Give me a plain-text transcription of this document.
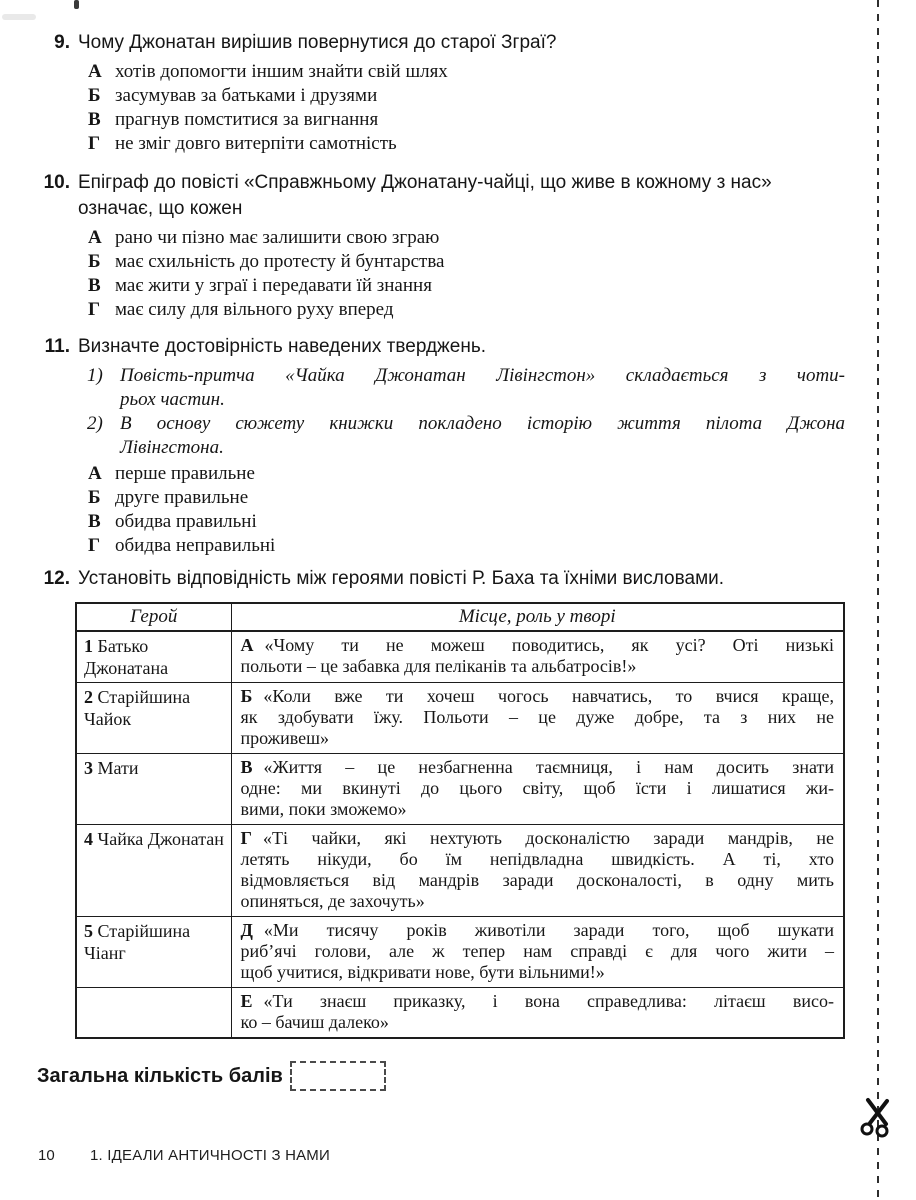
9. Чому Джонатан вирішив повернутися до старої Зграї?
А хотів допомогти іншим знайти свій шлях
Б засумував за батьками і друзями
В прагнув помститися за вигнання
Г не зміг довго витерпіти самотність
10. Епіграф до повісті «Справжньому Джонатану-чайці, що живе в кожному з нас» означає, що кожен
А рано чи пізно має залишити свою зграю
Б має схильність до протесту й бунтарства
В має жити у зграї і передавати їй знання
Г має силу для вільного руху вперед
11. Визначте достовірність наведених тверджень.
1) Повість-притча «Чайка Джонатан Лівінгстон» складається з чоти-
рьох частин.
2) В основу сюжету книжки покладено історію життя пілота Джона
Лівінгстона.
А перше правильне
Б друге правильне
В обидва правильні
Г обидва неправильні
12. Установіть відповідність між героями повісті Р. Баха та їхніми висловами.
Герой	Місце, роль у творі
1 Батько Джонатана	А «Чому ти не можеш поводитись, як усі? Оті низькі
польоти – це забавка для пеліканів та альбатросів!»

2 Старійшина Чайок	Б «Коли вже ти хочеш чогось навчатись, то вчися краще,
як здобувати їжу. Польоти – це дуже добре, та з них не
проживеш»

3 Мати	В «Життя – це незбагненна таємниця, і нам досить знати
одне: ми вкинуті до цього світу, щоб їсти і лишатися жи-
вими, поки зможемо»

4 Чайка Джонатан	Г «Ті чайки, які нехтують досконалістю заради мандрів, не
летять нікуди, бо їм непідвладна швидкість. А ті, хто
відмовляється від мандрів заради досконалості, в одну мить
опиняться, де захочуть»

5 Старійшина Чіанг	Д «Ми тисячу років животіли заради того, щоб шукати
риб’ячі голови, але ж тепер нам справді є для чого жити –
щоб учитися, відкривати нове, бути вільними!»

	Е «Ти знаєш приказку, і вона справедлива: літаєш висо-
ко – бачиш далеко»
Загальна кількість балів
10	1. ІДЕАЛИ АНТИЧНОСТІ З НАМИ
